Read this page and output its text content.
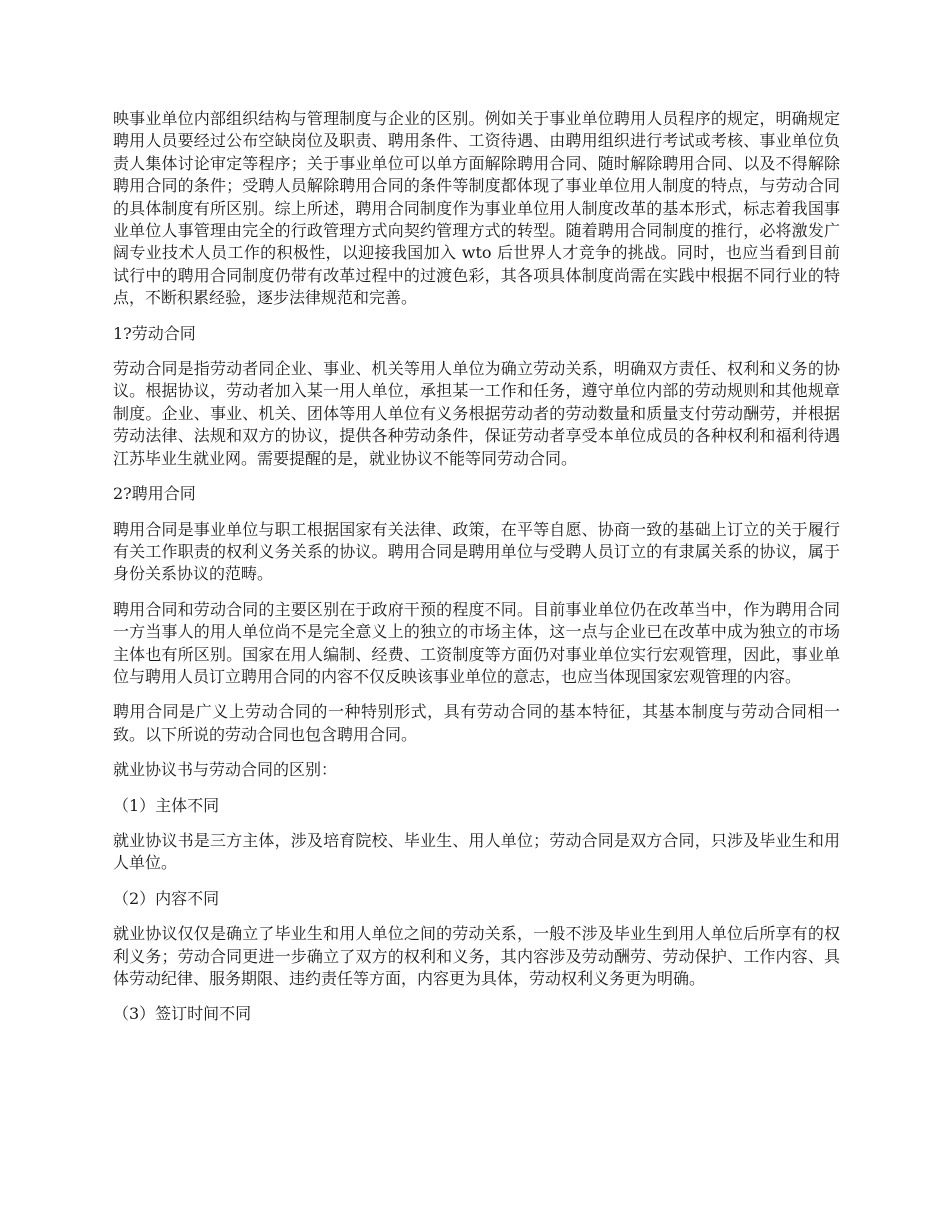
映事业单位内部组织结构与管理制度与企业的区别。例如关于事业单位聘用人员程序的规定，明确规定聘用人员要经过公布空缺岗位及职责、聘用条件、工资待遇、由聘用组织进行考试或考核、事业单位负责人集体讨论审定等程序；关于事业单位可以单方面解除聘用合同、随时解除聘用合同、以及不得解除聘用合同的条件；受聘人员解除聘用合同的条件等制度都体现了事业单位用人制度的特点，与劳动合同的具体制度有所区别。综上所述，聘用合同制度作为事业单位用人制度改革的基本形式，标志着我国事业单位人事管理由完全的行政管理方式向契约管理方式的转型。随着聘用合同制度的推行，必将激发广阔专业技术人员工作的积极性，以迎接我国加入 wto 后世界人才竞争的挑战。同时，也应当看到目前试行中的聘用合同制度仍带有改革过程中的过渡色彩，其各项具体制度尚需在实践中根据不同行业的特点，不断积累经验，逐步法律规范和完善。

1?劳动合同

劳动合同是指劳动者同企业、事业、机关等用人单位为确立劳动关系，明确双方责任、权利和义务的协议。根据协议，劳动者加入某一用人单位，承担某一工作和任务，遵守单位内部的劳动规则和其他规章制度。企业、事业、机关、团体等用人单位有义务根据劳动者的劳动数量和质量支付劳动酬劳，并根据劳动法律、法规和双方的协议，提供各种劳动条件，保证劳动者享受本单位成员的各种权利和福利待遇江苏毕业生就业网。需要提醒的是，就业协议不能等同劳动合同。

2?聘用合同

聘用合同是事业单位与职工根据国家有关法律、政策，在平等自愿、协商一致的基础上订立的关于履行有关工作职责的权利义务关系的协议。聘用合同是聘用单位与受聘人员订立的有隶属关系的协议，属于身份关系协议的范畴。

聘用合同和劳动合同的主要区别在于政府干预的程度不同。目前事业单位仍在改革当中，作为聘用合同一方当事人的用人单位尚不是完全意义上的独立的市场主体，这一点与企业已在改革中成为独立的市场主体也有所区别。国家在用人编制、经费、工资制度等方面仍对事业单位实行宏观管理，因此，事业单位与聘用人员订立聘用合同的内容不仅反映该事业单位的意志，也应当体现国家宏观管理的内容。

聘用合同是广义上劳动合同的一种特别形式，具有劳动合同的基本特征，其基本制度与劳动合同相一致。以下所说的劳动合同也包含聘用合同。

就业协议书与劳动合同的区别：

（1）主体不同

就业协议书是三方主体，涉及培育院校、毕业生、用人单位；劳动合同是双方合同，只涉及毕业生和用人单位。

（2）内容不同

就业协议仅仅是确立了毕业生和用人单位之间的劳动关系，一般不涉及毕业生到用人单位后所享有的权利义务；劳动合同更进一步确立了双方的权利和义务，其内容涉及劳动酬劳、劳动保护、工作内容、具体劳动纪律、服务期限、违约责任等方面，内容更为具体，劳动权利义务更为明确。

（3）签订时间不同
